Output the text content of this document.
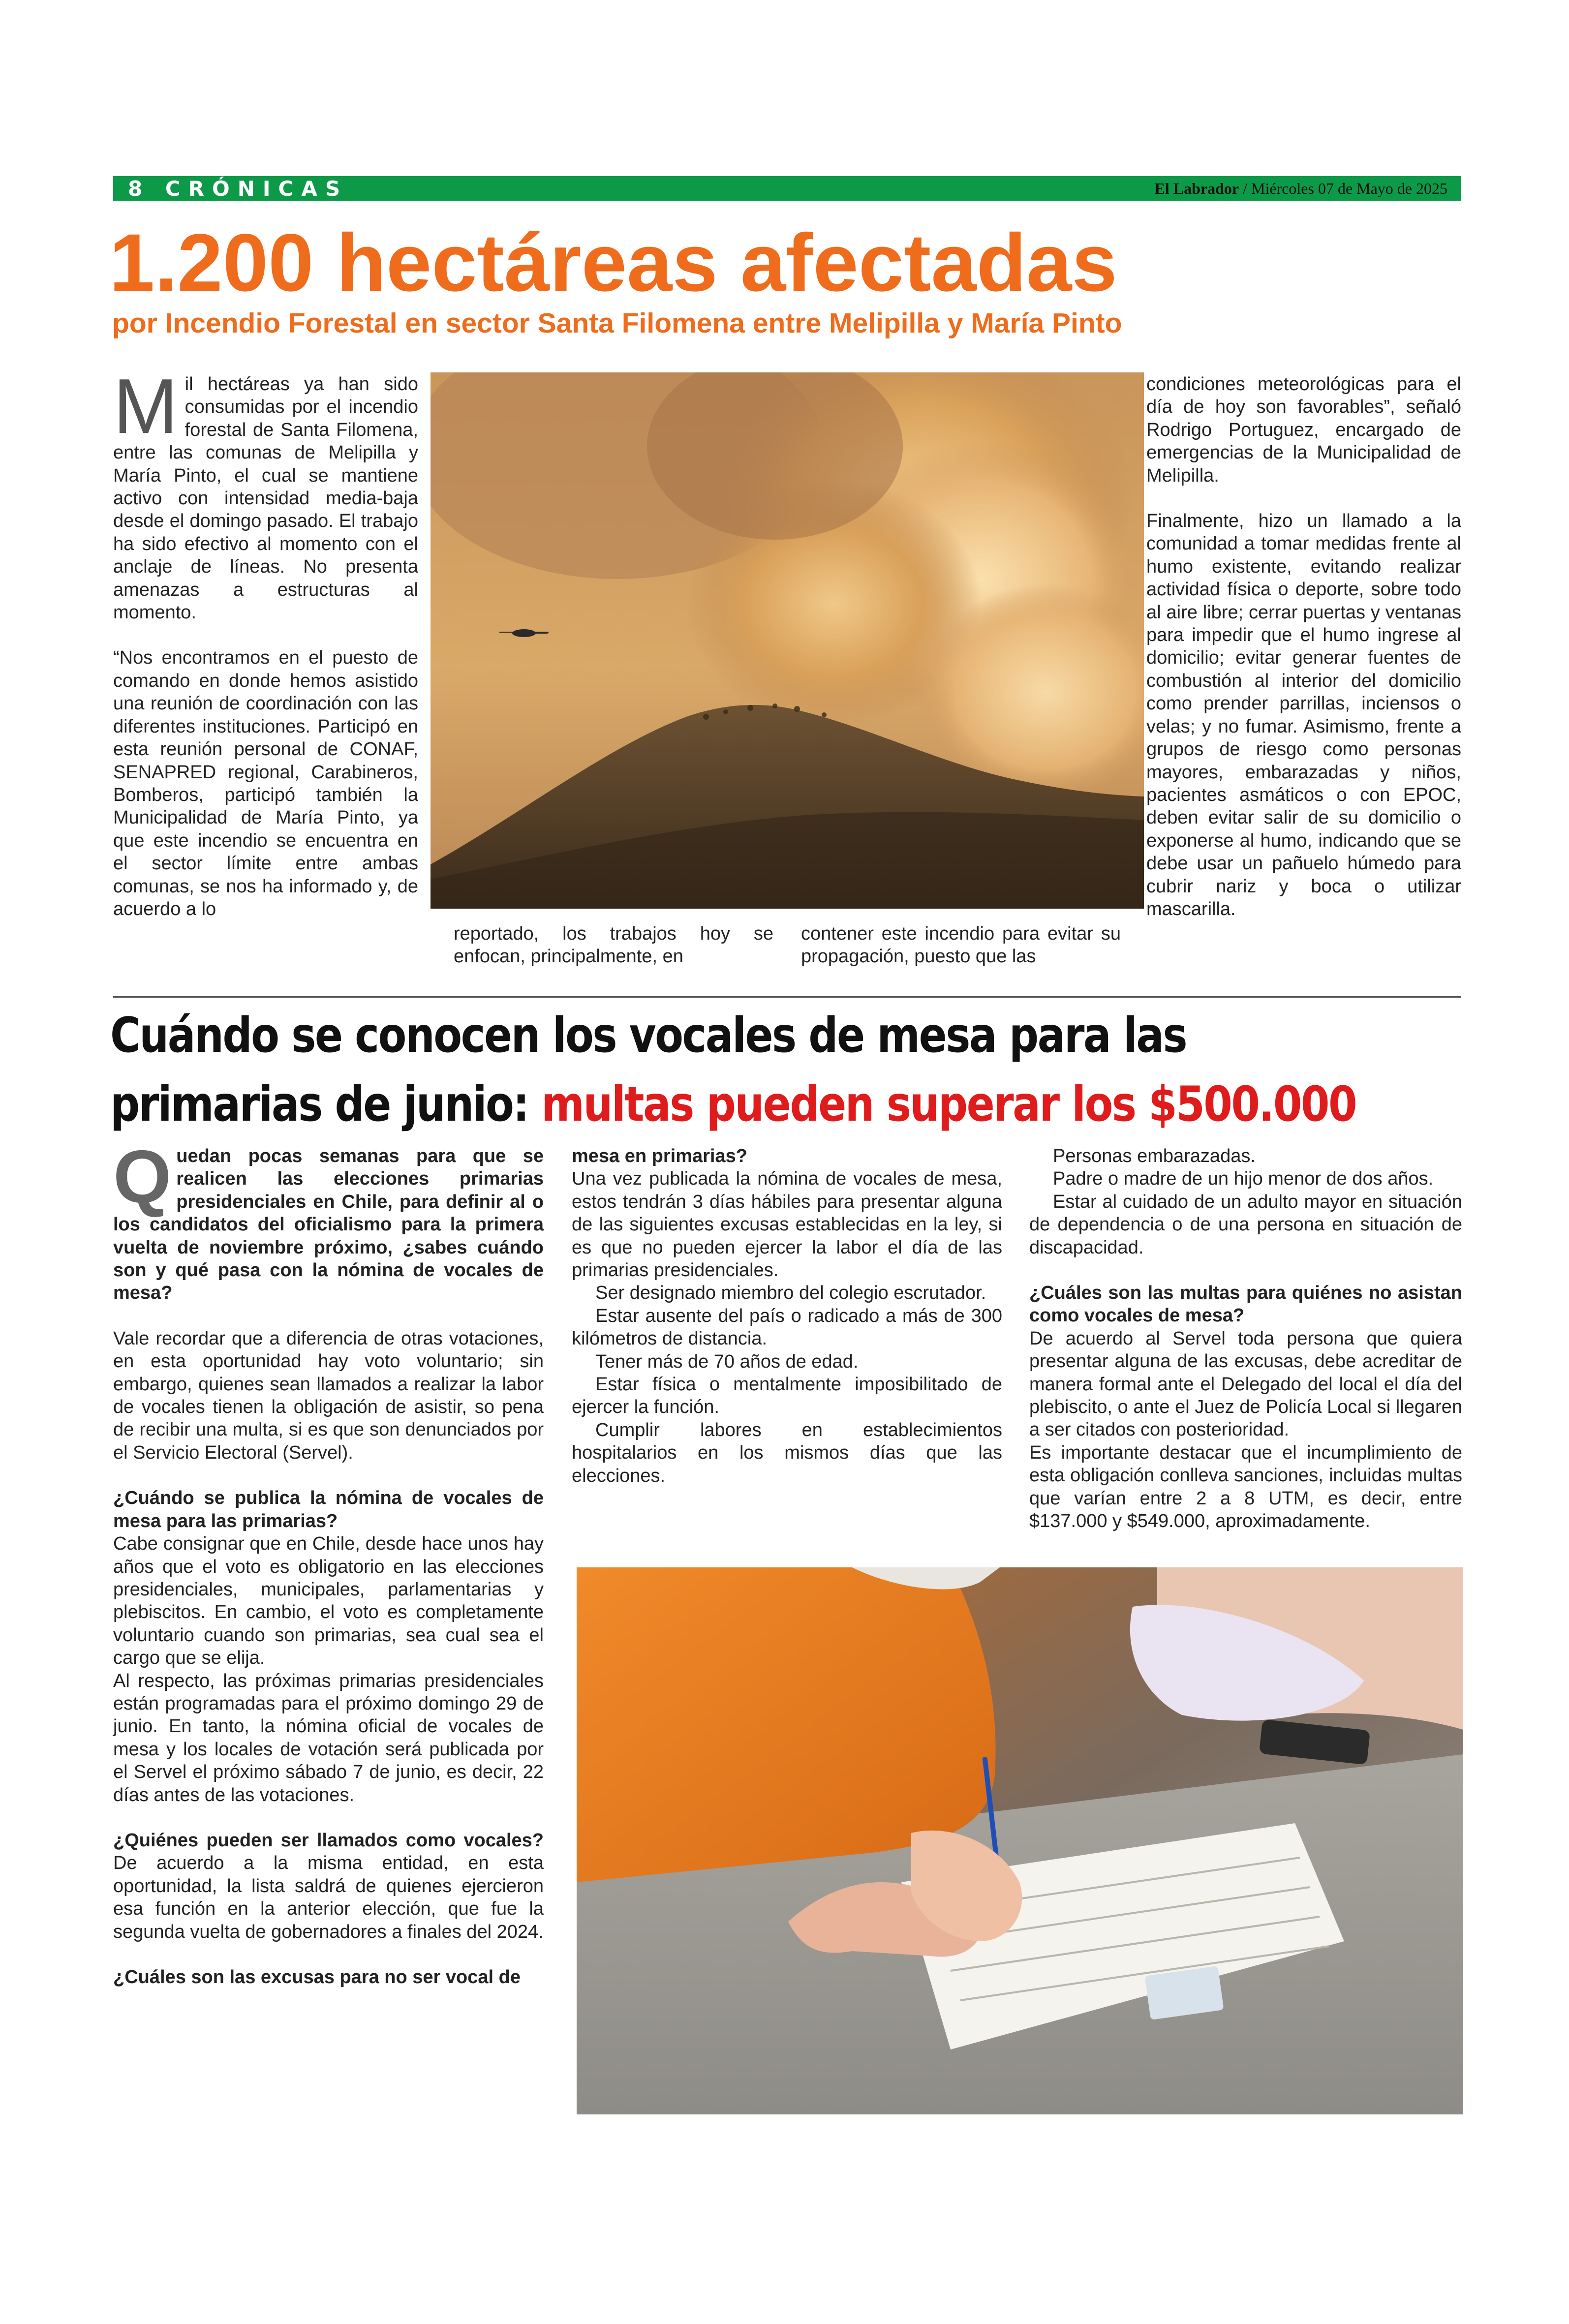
8 CRÓNICAS	El Labrador / Miércoles 07 de Mayo de 2025
1.200 hectáreas afectadas
por Incendio Forestal en sector Santa Filomena entre Melipilla y María Pinto

Mil hectáreas ya han sido consumidas por el incendio forestal de Santa Filomena, entre las comunas de Melipilla y María Pinto, el cual se mantiene activo con intensidad media-baja desde el domingo pasado. El trabajo ha sido efectivo al momento con el anclaje de líneas. No presenta amenazas a estructuras al momento.

“Nos encontramos en el puesto de comando en donde hemos asistido una reunión de coordinación con las diferentes instituciones. Participó en esta reunión personal de CONAF, SENAPRED regional, Carabineros, Bomberos, participó también la Municipalidad de María Pinto, ya que este incendio se encuentra en el sector límite entre ambas comunas, se nos ha informado y, de acuerdo a lo

reportado, los trabajos hoy se enfocan, principalmente, en

contener este incendio para evitar su propagación, puesto que las

condiciones meteorológicas para el día de hoy son favorables”, señaló Rodrigo Portuguez, encargado de emergencias de la Municipalidad de Melipilla.

Finalmente, hizo un llamado a la comunidad a tomar medidas frente al humo existente, evitando realizar actividad física o deporte, sobre todo al aire libre; cerrar puertas y ventanas para impedir que el humo ingrese al domicilio; evitar generar fuentes de combustión al interior del domicilio como prender parrillas, inciensos o velas; y no fumar. Asimismo, frente a grupos de riesgo como personas mayores, embarazadas y niños, pacientes asmáticos o con EPOC, deben evitar salir de su domicilio o exponerse al humo, indicando que se debe usar un pañuelo húmedo para cubrir nariz y boca o utilizar mascarilla.

Cuándo se conocen los vocales de mesa para las
primarias de junio: multas pueden superar los $500.000

Quedan pocas semanas para que se realicen las elecciones primarias presidenciales en Chile, para definir al o los candidatos del oficialismo para la primera vuelta de noviembre próximo, ¿sabes cuándo son y qué pasa con la nómina de vocales de mesa?

Vale recordar que a diferencia de otras votaciones, en esta oportunidad hay voto voluntario; sin embargo, quienes sean llamados a realizar la labor de vocales tienen la obligación de asistir, so pena de recibir una multa, si es que son denunciados por el Servicio Electoral (Servel).

¿Cuándo se publica la nómina de vocales de mesa para las primarias?

Cabe consignar que en Chile, desde hace unos hay años que el voto es obligatorio en las elecciones presidenciales, municipales, parlamentarias y plebiscitos. En cambio, el voto es completamente voluntario cuando son primarias, sea cual sea el cargo que se elija.

Al respecto, las próximas primarias presidenciales están programadas para el próximo domingo 29 de junio. En tanto, la nómina oficial de vocales de mesa y los locales de votación será publicada por el Servel el próximo sábado 7 de junio, es decir, 22 días antes de las votaciones.

¿Quiénes pueden ser llamados como vocales? De acuerdo a la misma entidad, en esta oportunidad, la lista saldrá de quienes ejercieron esa función en la anterior elección, que fue la segunda vuelta de gobernadores a finales del 2024.

¿Cuáles son las excusas para no ser vocal de

mesa en primarias?

Una vez publicada la nómina de vocales de mesa, estos tendrán 3 días hábiles para presentar alguna de las siguientes excusas establecidas en la ley, si es que no pueden ejercer la labor el día de las primarias presidenciales.

Ser designado miembro del colegio escrutador.

Estar ausente del país o radicado a más de 300 kilómetros de distancia.

Tener más de 70 años de edad.

Estar física o mentalmente imposibilitado de ejercer la función.

Cumplir labores en establecimientos hospitalarios en los mismos días que las elecciones.

Personas embarazadas.

Padre o madre de un hijo menor de dos años.

Estar al cuidado de un adulto mayor en situación de dependencia o de una persona en situación de discapacidad.

¿Cuáles son las multas para quiénes no asistan como vocales de mesa?

De acuerdo al Servel toda persona que quiera presentar alguna de las excusas, debe acreditar de manera formal ante el Delegado del local el día del plebiscito, o ante el Juez de Policía Local si llegaren a ser citados con posterioridad.

Es importante destacar que el incumplimiento de esta obligación conlleva sanciones, incluidas multas que varían entre 2 a 8 UTM, es decir, entre $137.000 y $549.000, aproximadamente.
